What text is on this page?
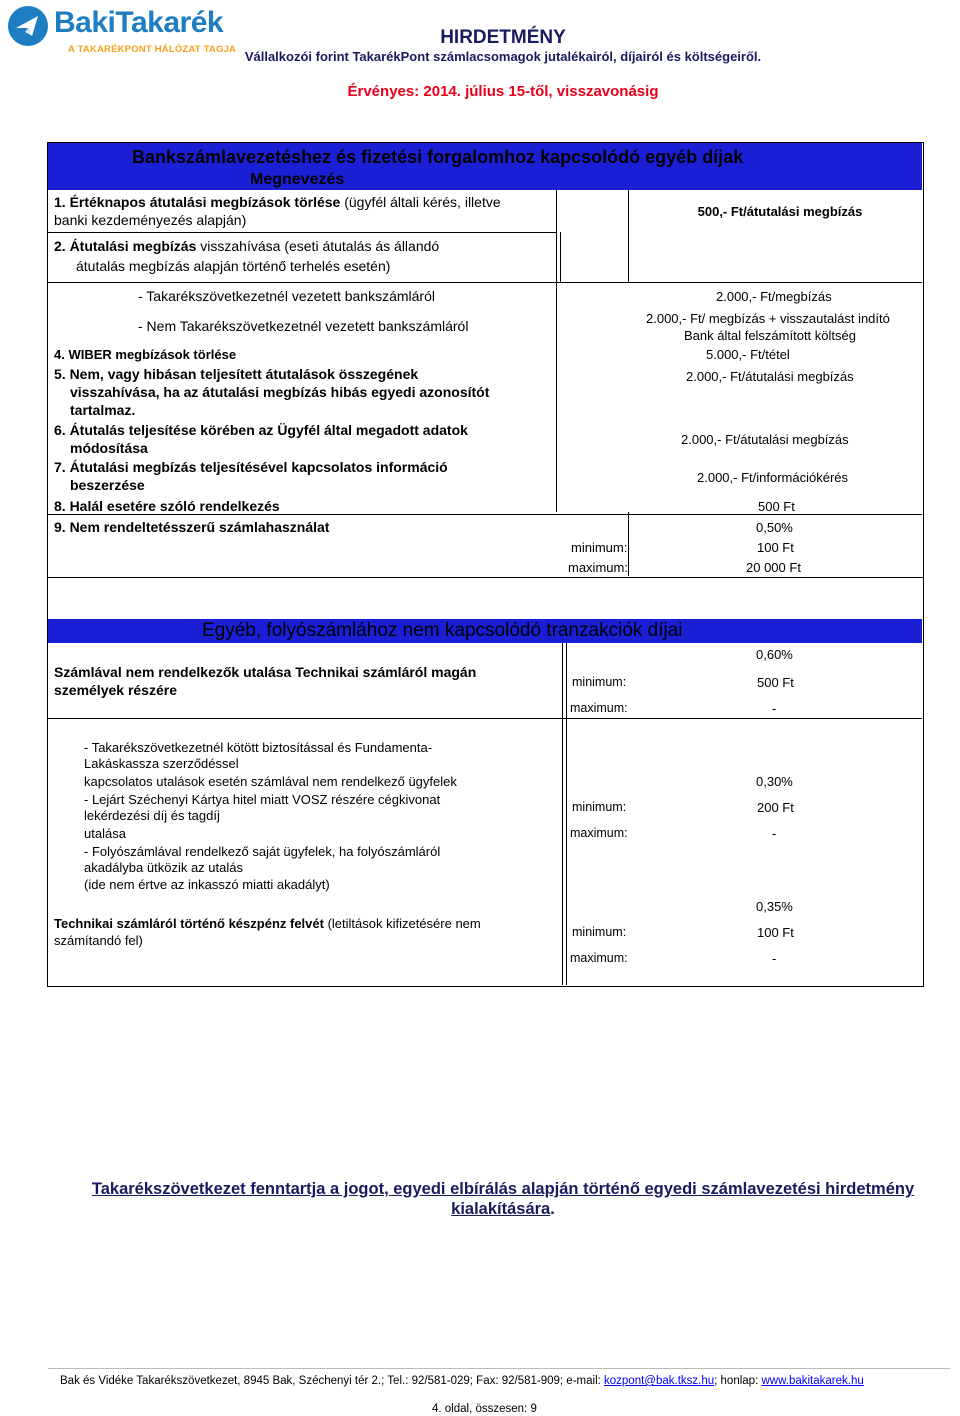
BakiTakarék
A TAKARÉKPONT HÁLÓZAT TAGJA
HIRDETMÉNY
Vállalkozói forint TakarékPont számlacsomagok jutalékairól, díjairól és költségeiről.
Érvényes: 2014. július 15-től, visszavonásig
Bankszámlavezetéshez és fizetési forgalomhoz kapcsolódó egyéb díjak
Megnevezés
1. Értéknapos átutalási megbízások törlése (ügyfél általi kérés, illetve
banki kezdeményezés alapján)
500,- Ft/átutalási megbízás
2. Átutalási megbízás visszahívása (eseti átutalás ás állandó
átutalás megbízás alapján történő terhelés esetén)
- Takarékszövetkezetnél vezetett bankszámláról	2.000,- Ft/megbízás
- Nem Takarékszövetkezetnél vezetett bankszámláról	2.000,- Ft/ megbízás + visszautalást indító
Bank által felszámított költség
4. WIBER megbízások törlése	5.000,- Ft/tétel
5. Nem, vagy hibásan teljesített átutalások összegének
visszahívása, ha az átutalási megbízás hibás egyedi azonosítót
tartalmaz.
2.000,- Ft/átutalási megbízás
6. Átutalás teljesítése körében az Ügyfél által megadott adatok
módosítása
2.000,- Ft/átutalási megbízás
7. Átutalási megbízás teljesítésével kapcsolatos információ
beszerzése	2.000,- Ft/információkérés
8. Halál esetére szóló rendelkezés	500 Ft
9. Nem rendeltetésszerű számlahasználat	0,50%
minimum:	100 Ft
maximum:	20 000 Ft
Egyéb, folyószámlához nem kapcsolódó tranzakciók díjai
Számlával nem rendelkezők utalása Technikai számláról magán
személyek részére
0,60%
minimum:	500 Ft
maximum:	-
- Takarékszövetkezetnél kötött biztosítással és Fundamenta-
Lakáskassza szerződéssel
kapcsolatos utalások esetén számlával nem rendelkező ügyfelek
- Lejárt Széchenyi Kártya hitel miatt VOSZ részére cégkivonat
lekérdezési díj és tagdíj
utalása
- Folyószámlával rendelkező saját ügyfelek, ha folyószámláról
akadályba ütközik az utalás
(ide nem értve az inkasszó miatti akadályt)
0,30%
minimum:	200 Ft
maximum:	-
Technikai számláról történő készpénz felvét (letiltások kifizetésére nem
számítandó fel)
0,35%
minimum:	100 Ft
maximum:	-
Takarékszövetkezet fenntartja a jogot, egyedi elbírálás alapján történő egyedi számlavezetési hirdetmény
kialakítására.
Bak és Vidéke Takarékszövetkezet, 8945 Bak, Széchenyi tér 2.; Tel.: 92/581-029; Fax: 92/581-909; e-mail: kozpont@bak.tksz.hu; honlap: www.bakitakarek.hu
4. oldal, összesen: 9
